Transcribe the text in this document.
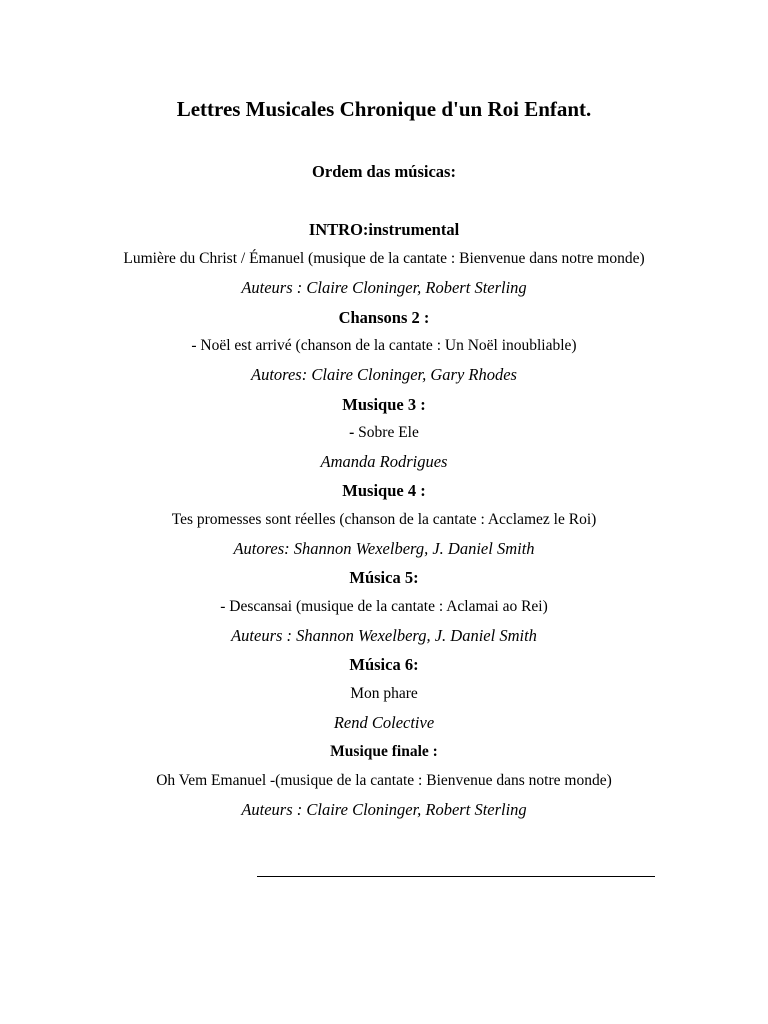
Lettres Musicales Chronique d'un Roi Enfant.
Ordem das músicas:
INTRO:instrumental
Lumière du Christ / Émanuel (musique de la cantate : Bienvenue dans notre monde)
Auteurs : Claire Cloninger, Robert Sterling
Chansons 2 :
- Noël est arrivé (chanson de la cantate : Un Noël inoubliable)
Autores: Claire Cloninger, Gary Rhodes
Musique 3 :
- Sobre Ele
Amanda Rodrigues
Musique 4 :
Tes promesses sont réelles (chanson de la cantate : Acclamez le Roi)
Autores: Shannon Wexelberg, J. Daniel Smith
Música 5:
- Descansai (musique de la cantate : Aclamai ao Rei)
Auteurs : Shannon Wexelberg, J. Daniel Smith
Música 6:
Mon phare
Rend Colective
Musique finale :
Oh Vem Emanuel -(musique de la cantate : Bienvenue dans notre monde)
Auteurs : Claire Cloninger, Robert Sterling
